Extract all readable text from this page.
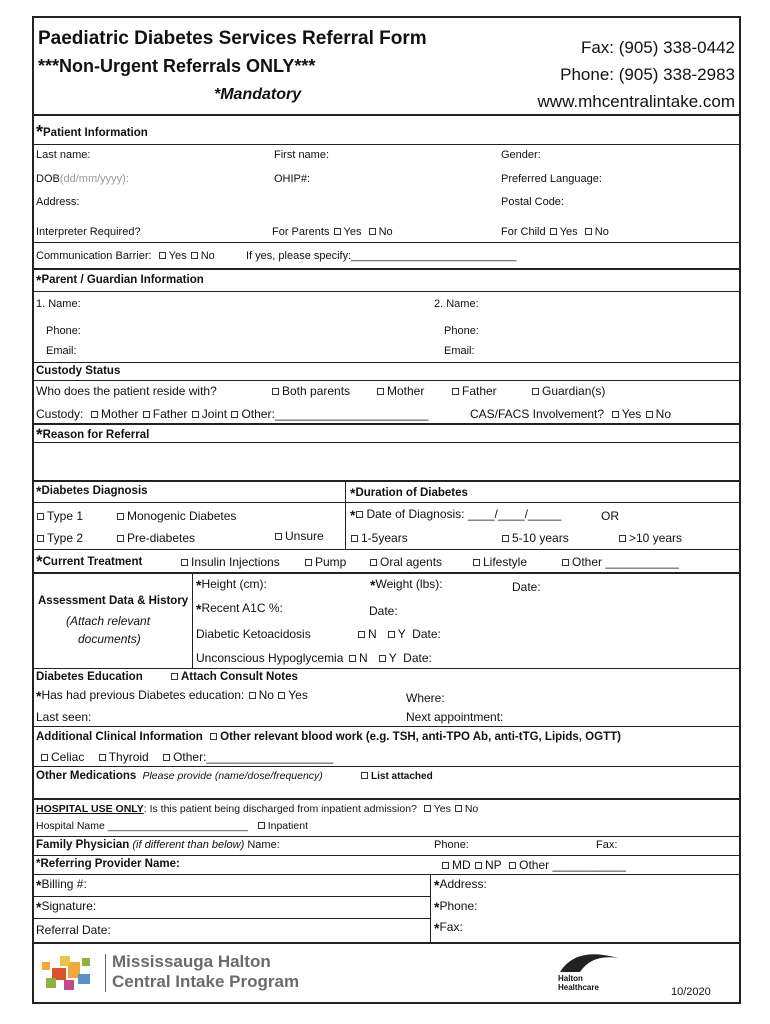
Paediatric Diabetes Services Referral Form
***Non-Urgent Referrals ONLY***
*Mandatory
Fax: (905) 338-0442
Phone: (905) 338-2983
www.mhcentralintake.com
*Patient Information
Last name:	First name:	Gender:
DOB(dd/mm/yyyy):	OHIP#:	Preferred Language:
Address:	Postal Code:
Interpreter Required?	For Parents Yes No	For Child Yes No
Communication Barrier: Yes No	If yes, please specify:___________________________
*Parent / Guardian Information
1. Name:	2. Name:
Phone:	Phone:
Email:	Email:
Custody Status
Who does the patient reside with?	Both parents	Mother	Father	Guardian(s)
Custody: Mother Father Joint Other:_______________________	CAS/FACS Involvement? Yes No
*Reason for Referral
*Diabetes Diagnosis	*Duration of Diabetes
Type 1	Monogenic Diabetes
Type 2	Pre-diabetes	Unsure
* Date of Diagnosis: ____/____/_____	OR
1-5years	5-10 years	>10 years
*Current Treatment	Insulin Injections	Pump	Oral agents	Lifestyle	Other ___________
Assessment Data & History
(Attach relevant
documents)
*Height (cm):	*Weight (lbs):	Date:
*Recent A1C %:	Date:
Diabetic Ketoacidosis	N Y Date:
Unconscious Hypoglycemia	N Y Date:
Diabetes Education	Attach Consult Notes
*Has had previous Diabetes education: No Yes	Where:
Last seen:	Next appointment:
Additional Clinical Information Other relevant blood work (e.g. TSH, anti-TPO Ab, anti-tTG, Lipids, OGTT)
Celiac Thyroid Other:___________________
Other Medications Please provide (name/dose/frequency)	List attached
HOSPITAL USE ONLY: Is this patient being discharged from inpatient admission? Yes No
Hospital Name ________________________ Inpatient
Family Physician (if different than below) Name:	Phone:	Fax:
*Referring Provider Name:	MD NP Other ___________
*Billing #:	*Address:
*Signature:	*Phone:
Referral Date:	*Fax:
Mississauga Halton
Central Intake Program	Halton
Healthcare	10/2020
